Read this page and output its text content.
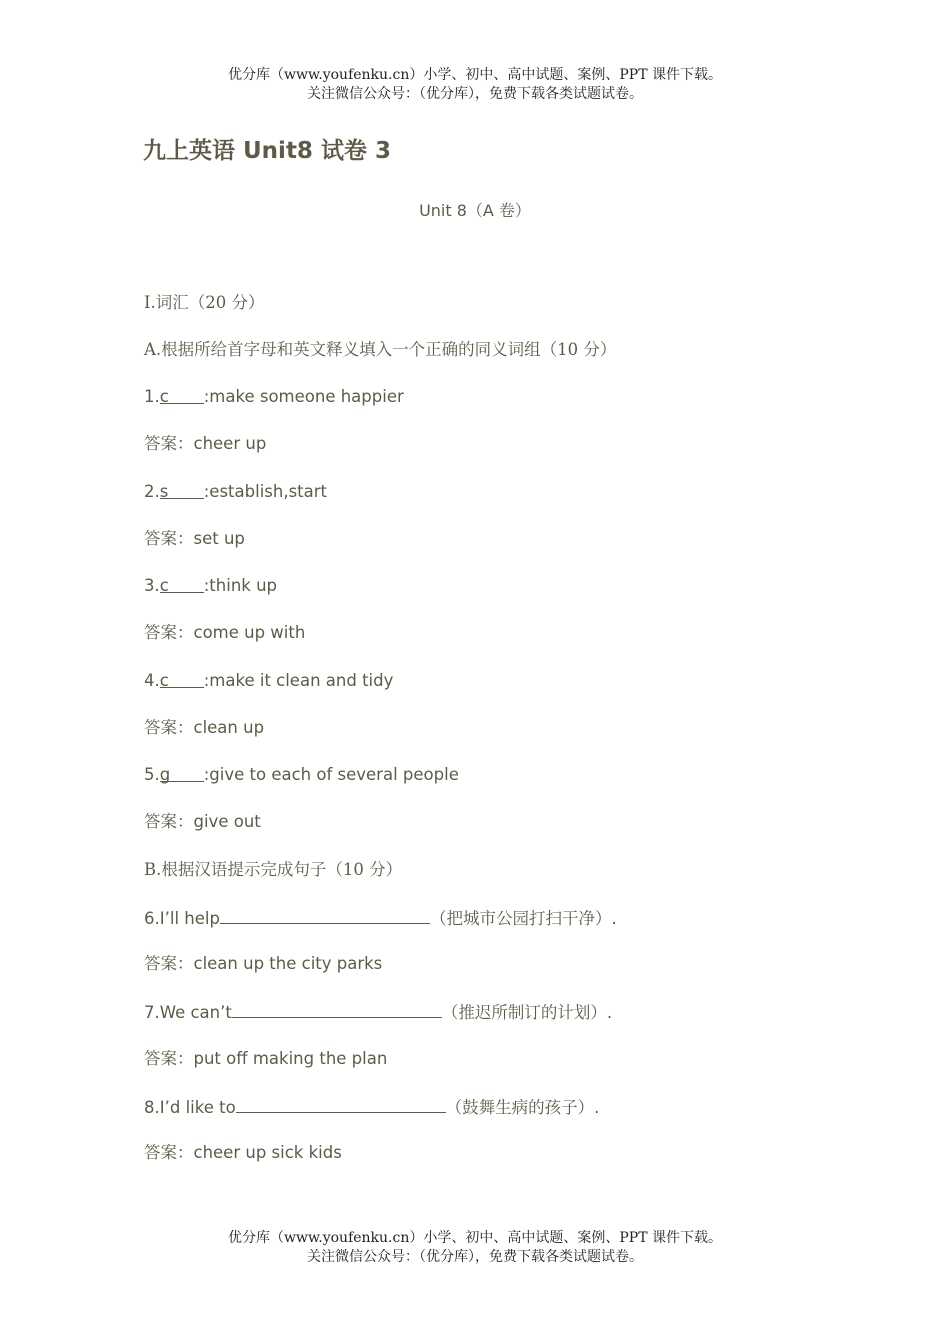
优分库（www.youfenku.cn）小学、初中、高中试题、案例、PPT 课件下载。
关注微信公众号：（优分库），免费下载各类试题试卷。
九上英语 Unit8 试卷 3
Unit 8（A 卷）
Ⅰ.词汇（20 分）
A.根据所给首字母和英文释义填入一个正确的同义词组（10 分）
1.c :make someone happier
答案：cheer up
2.s :establish,start
答案：set up
3.c :think up
答案：come up with
4.c :make it clean and tidy
答案：clean up
5.g :give to each of several people
答案：give out
B.根据汉语提示完成句子（10 分）
6.I’ll help	（把城市公园打扫干净）.
答案：clean up the city parks
7.We can’t	（推迟所制订的计划）.
答案：put off making the plan
8.I’d like to	（鼓舞生病的孩子）.
答案：cheer up sick kids
优分库（www.youfenku.cn）小学、初中、高中试题、案例、PPT 课件下载。
关注微信公众号：（优分库），免费下载各类试题试卷。
